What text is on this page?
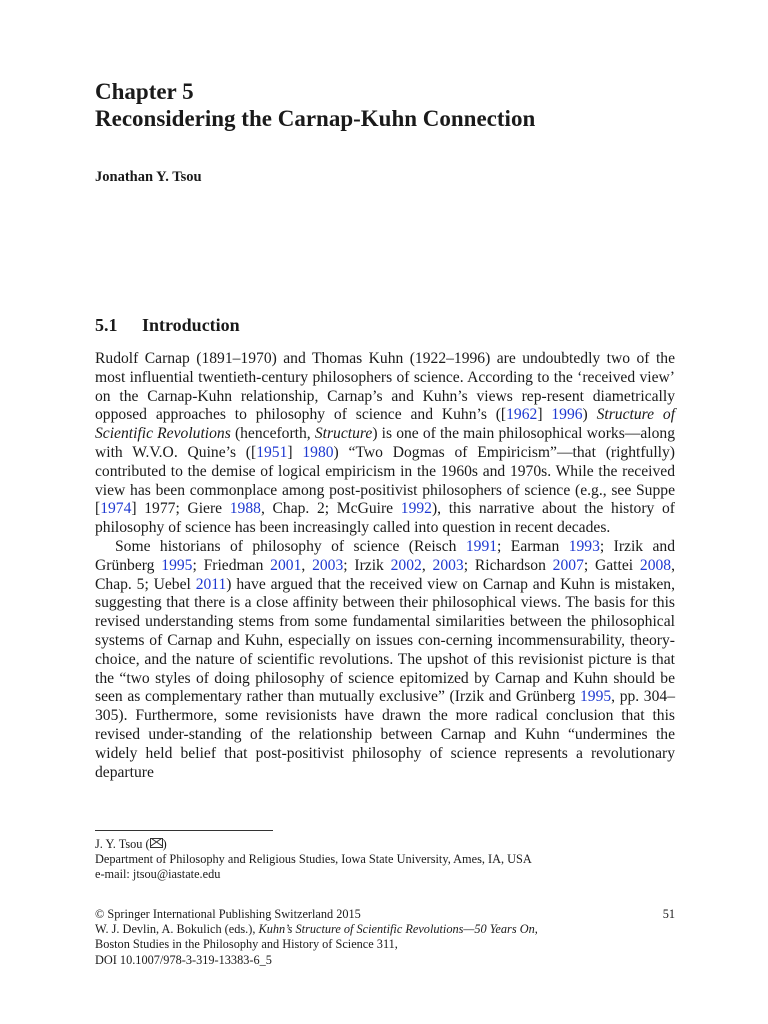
Chapter 5
Reconsidering the Carnap-Kuhn Connection
Jonathan Y. Tsou
5.1 Introduction

Rudolf Carnap (1891–1970) and Thomas Kuhn (1922–1996) are undoubtedly two of the most influential twentieth-century philosophers of science. According to the ‘received view’ on the Carnap-Kuhn relationship, Carnap’s and Kuhn’s views rep-resent diametrically opposed approaches to philosophy of science and Kuhn’s ([1962] 1996) Structure of Scientific Revolutions (henceforth, Structure) is one of the main philosophical works—along with W.V.O. Quine’s ([1951] 1980) “Two Dogmas of Empiricism”—that (rightfully) contributed to the demise of logical empiricism in the 1960s and 1970s. While the received view has been commonplace among post-positivist philosophers of science (e.g., see Suppe [1974] 1977; Giere 1988, Chap. 2; McGuire 1992), this narrative about the history of philosophy of science has been increasingly called into question in recent decades.

Some historians of philosophy of science (Reisch 1991; Earman 1993; Irzik and Grünberg 1995; Friedman 2001, 2003; Irzik 2002, 2003; Richardson 2007; Gattei 2008, Chap. 5; Uebel 2011) have argued that the received view on Carnap and Kuhn is mistaken, suggesting that there is a close affinity between their philosophical views. The basis for this revised understanding stems from some fundamental similarities between the philosophical systems of Carnap and Kuhn, especially on issues con-cerning incommensurability, theory-choice, and the nature of scientific revolutions. The upshot of this revisionist picture is that the “two styles of doing philosophy of science epitomized by Carnap and Kuhn should be seen as complementary rather than mutually exclusive” (Irzik and Grünberg 1995, pp. 304–305). Furthermore, some revisionists have drawn the more radical conclusion that this revised under-standing of the relationship between Carnap and Kuhn “undermines the widely held belief that post-positivist philosophy of science represents a revolutionary departure

J. Y. Tsou ( )
Department of Philosophy and Religious Studies, Iowa State University, Ames, IA, USA
e-mail: jtsou@iastate.edu
© Springer International Publishing Switzerland 2015	51
W. J. Devlin, A. Bokulich (eds.), Kuhn’s Structure of Scientific Revolutions—50 Years On,
Boston Studies in the Philosophy and History of Science 311,
DOI 10.1007/978-3-319-13383-6_5
